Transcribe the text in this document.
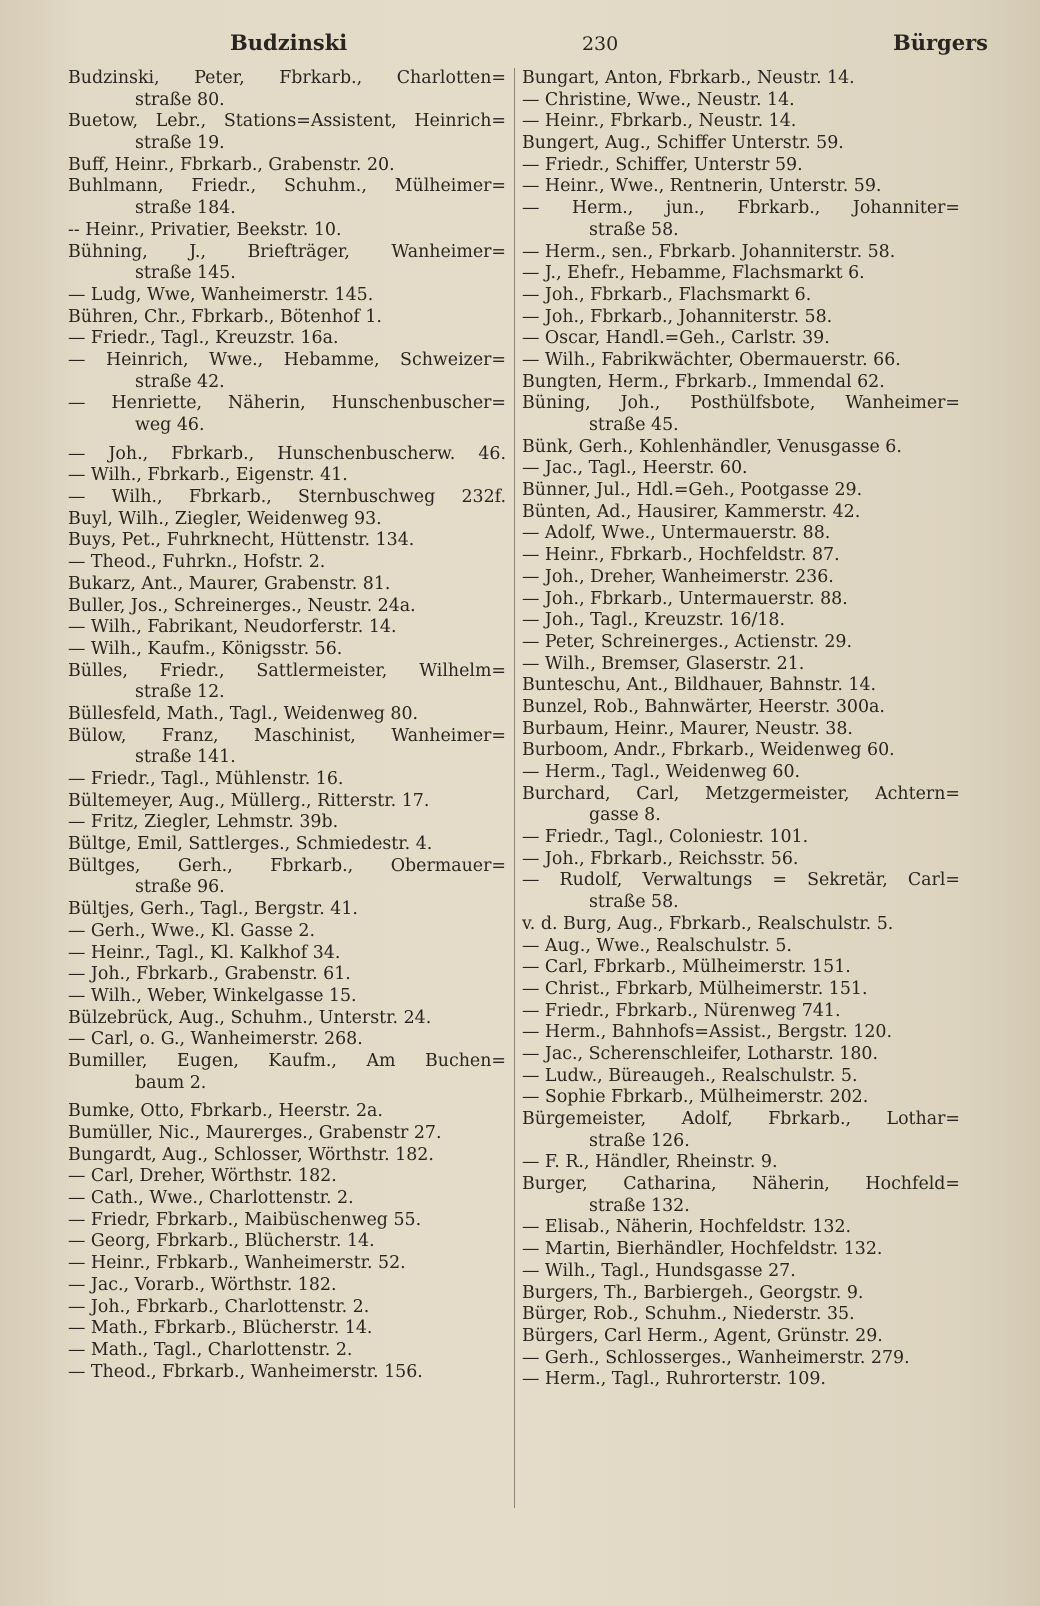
Budzinski	230	Bürgers
Budzinski, Peter, Fbrkarb., Charlotten=
straße 80.
Buetow, Lebr., Stations=Assistent, Heinrich=
straße 19.
Buff, Heinr., Fbrkarb., Grabenstr. 20.
Buhlmann, Friedr., Schuhm., Mülheimer=
straße 184.
-- Heinr., Privatier, Beekstr. 10.
Bühning, J., Briefträger, Wanheimer=
straße 145.
— Ludg, Wwe, Wanheimerstr. 145.
Bühren, Chr., Fbrkarb., Bötenhof 1.
— Friedr., Tagl., Kreuzstr. 16a.
— Heinrich, Wwe., Hebamme, Schweizer=
straße 42.
— Henriette, Näherin, Hunschenbuscher=
weg 46.
— Joh., Fbrkarb., Hunschenbuscherw. 46.
— Wilh., Fbrkarb., Eigenstr. 41.
— Wilh., Fbrkarb., Sternbuschweg 232f.
Buyl, Wilh., Ziegler, Weidenweg 93.
Buys, Pet., Fuhrknecht, Hüttenstr. 134.
— Theod., Fuhrkn., Hofstr. 2.
Bukarz, Ant., Maurer, Grabenstr. 81.
Buller, Jos., Schreinerges., Neustr. 24a.
— Wilh., Fabrikant, Neudorferstr. 14.
— Wilh., Kaufm., Königsstr. 56.
Bülles, Friedr., Sattlermeister, Wilhelm=
straße 12.
Büllesfeld, Math., Tagl., Weidenweg 80.
Bülow, Franz, Maschinist, Wanheimer=
straße 141.
— Friedr., Tagl., Mühlenstr. 16.
Bültemeyer, Aug., Müllerg., Ritterstr. 17.
— Fritz, Ziegler, Lehmstr. 39b.
Bültge, Emil, Sattlerges., Schmiedestr. 4.
Bültges, Gerh., Fbrkarb., Obermauer=
straße 96.
Bültjes, Gerh., Tagl., Bergstr. 41.
— Gerh., Wwe., Kl. Gasse 2.
— Heinr., Tagl., Kl. Kalkhof 34.
— Joh., Fbrkarb., Grabenstr. 61.
— Wilh., Weber, Winkelgasse 15.
Bülzebrück, Aug., Schuhm., Unterstr. 24.
— Carl, o. G., Wanheimerstr. 268.
Bumiller, Eugen, Kaufm., Am Buchen=
baum 2.
Bumke, Otto, Fbrkarb., Heerstr. 2a.
Bumüller, Nic., Maurerges., Grabenstr 27.
Bungardt, Aug., Schlosser, Wörthstr. 182.
— Carl, Dreher, Wörthstr. 182.
— Cath., Wwe., Charlottenstr. 2.
— Friedr, Fbrkarb., Maibüschenweg 55.
— Georg, Fbrkarb., Blücherstr. 14.
— Heinr., Frbkarb., Wanheimerstr. 52.
— Jac., Vorarb., Wörthstr. 182.
— Joh., Fbrkarb., Charlottenstr. 2.
— Math., Fbrkarb., Blücherstr. 14.
— Math., Tagl., Charlottenstr. 2.
— Theod., Fbrkarb., Wanheimerstr. 156.
Bungart, Anton, Fbrkarb., Neustr. 14.
— Christine, Wwe., Neustr. 14.
— Heinr., Fbrkarb., Neustr. 14.
Bungert, Aug., Schiffer Unterstr. 59.
— Friedr., Schiffer, Unterstr 59.
— Heinr., Wwe., Rentnerin, Unterstr. 59.
— Herm., jun., Fbrkarb., Johanniter=
straße 58.
— Herm., sen., Fbrkarb. Johanniterstr. 58.
— J., Ehefr., Hebamme, Flachsmarkt 6.
— Joh., Fbrkarb., Flachsmarkt 6.
— Joh., Fbrkarb., Johanniterstr. 58.
— Oscar, Handl.=Geh., Carlstr. 39.
— Wilh., Fabrikwächter, Obermauerstr. 66.
Bungten, Herm., Fbrkarb., Immendal 62.
Büning, Joh., Posthülfsbote, Wanheimer=
straße 45.
Bünk, Gerh., Kohlenhändler, Venusgasse 6.
— Jac., Tagl., Heerstr. 60.
Bünner, Jul., Hdl.=Geh., Pootgasse 29.
Bünten, Ad., Hausirer, Kammerstr. 42.
— Adolf, Wwe., Untermauerstr. 88.
— Heinr., Fbrkarb., Hochfeldstr. 87.
— Joh., Dreher, Wanheimerstr. 236.
— Joh., Fbrkarb., Untermauerstr. 88.
— Joh., Tagl., Kreuzstr. 16/18.
— Peter, Schreinerges., Actienstr. 29.
— Wilh., Bremser, Glaserstr. 21.
Bunteschu, Ant., Bildhauer, Bahnstr. 14.
Bunzel, Rob., Bahnwärter, Heerstr. 300a.
Burbaum, Heinr., Maurer, Neustr. 38.
Burboom, Andr., Fbrkarb., Weidenweg 60.
— Herm., Tagl., Weidenweg 60.
Burchard, Carl, Metzgermeister, Achtern=
gasse 8.
— Friedr., Tagl., Coloniestr. 101.
— Joh., Fbrkarb., Reichsstr. 56.
— Rudolf, Verwaltungs = Sekretär, Carl=
straße 58.
v. d. Burg, Aug., Fbrkarb., Realschulstr. 5.
— Aug., Wwe., Realschulstr. 5.
— Carl, Fbrkarb., Mülheimerstr. 151.
— Christ., Fbrkarb, Mülheimerstr. 151.
— Friedr., Fbrkarb., Nürenweg 741.
— Herm., Bahnhofs=Assist., Bergstr. 120.
— Jac., Scherenschleifer, Lotharstr. 180.
— Ludw., Büreaugeh., Realschulstr. 5.
— Sophie Fbrkarb., Mülheimerstr. 202.
Bürgemeister, Adolf, Fbrkarb., Lothar=
straße 126.
— F. R., Händler, Rheinstr. 9.
Burger, Catharina, Näherin, Hochfeld=
straße 132.
— Elisab., Näherin, Hochfeldstr. 132.
— Martin, Bierhändler, Hochfeldstr. 132.
— Wilh., Tagl., Hundsgasse 27.
Burgers, Th., Barbiergeh., Georgstr. 9.
Bürger, Rob., Schuhm., Niederstr. 35.
Bürgers, Carl Herm., Agent, Grünstr. 29.
— Gerh., Schlosserges., Wanheimerstr. 279.
— Herm., Tagl., Ruhrorterstr. 109.
